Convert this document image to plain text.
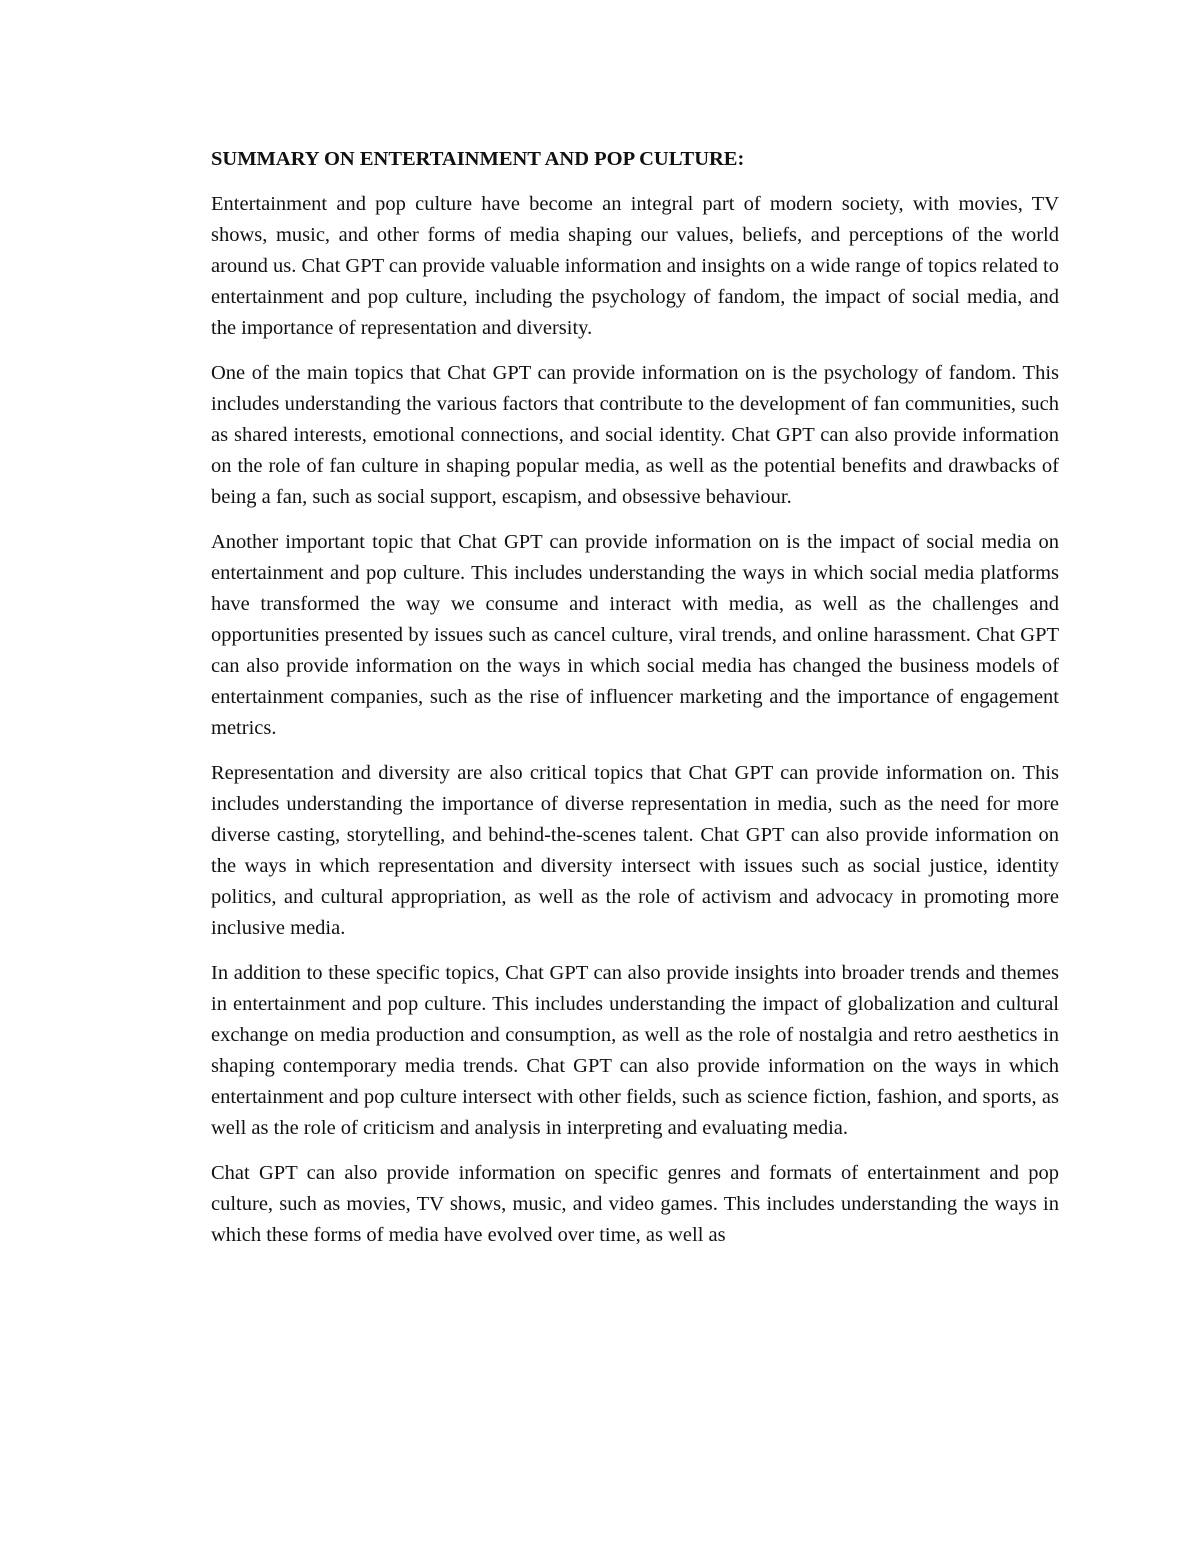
SUMMARY ON ENTERTAINMENT AND POP CULTURE:

Entertainment and pop culture have become an integral part of modern society, with movies, TV shows, music, and other forms of media shaping our values, beliefs, and perceptions of the world around us. Chat GPT can provide valuable information and insights on a wide range of topics related to entertainment and pop culture, including the psychology of fandom, the impact of social media, and the importance of representation and diversity.

One of the main topics that Chat GPT can provide information on is the psychology of fandom. This includes understanding the various factors that contribute to the development of fan communities, such as shared interests, emotional connections, and social identity. Chat GPT can also provide information on the role of fan culture in shaping popular media, as well as the potential benefits and drawbacks of being a fan, such as social support, escapism, and obsessive behaviour.

Another important topic that Chat GPT can provide information on is the impact of social media on entertainment and pop culture. This includes understanding the ways in which social media platforms have transformed the way we consume and interact with media, as well as the challenges and opportunities presented by issues such as cancel culture, viral trends, and online harassment. Chat GPT can also provide information on the ways in which social media has changed the business models of entertainment companies, such as the rise of influencer marketing and the importance of engagement metrics.

Representation and diversity are also critical topics that Chat GPT can provide information on. This includes understanding the importance of diverse representation in media, such as the need for more diverse casting, storytelling, and behind-the-scenes talent. Chat GPT can also provide information on the ways in which representation and diversity intersect with issues such as social justice, identity politics, and cultural appropriation, as well as the role of activism and advocacy in promoting more inclusive media.

In addition to these specific topics, Chat GPT can also provide insights into broader trends and themes in entertainment and pop culture. This includes understanding the impact of globalization and cultural exchange on media production and consumption, as well as the role of nostalgia and retro aesthetics in shaping contemporary media trends. Chat GPT can also provide information on the ways in which entertainment and pop culture intersect with other fields, such as science fiction, fashion, and sports, as well as the role of criticism and analysis in interpreting and evaluating media.

Chat GPT can also provide information on specific genres and formats of entertainment and pop culture, such as movies, TV shows, music, and video games. This includes understanding the ways in which these forms of media have evolved over time, as well as
